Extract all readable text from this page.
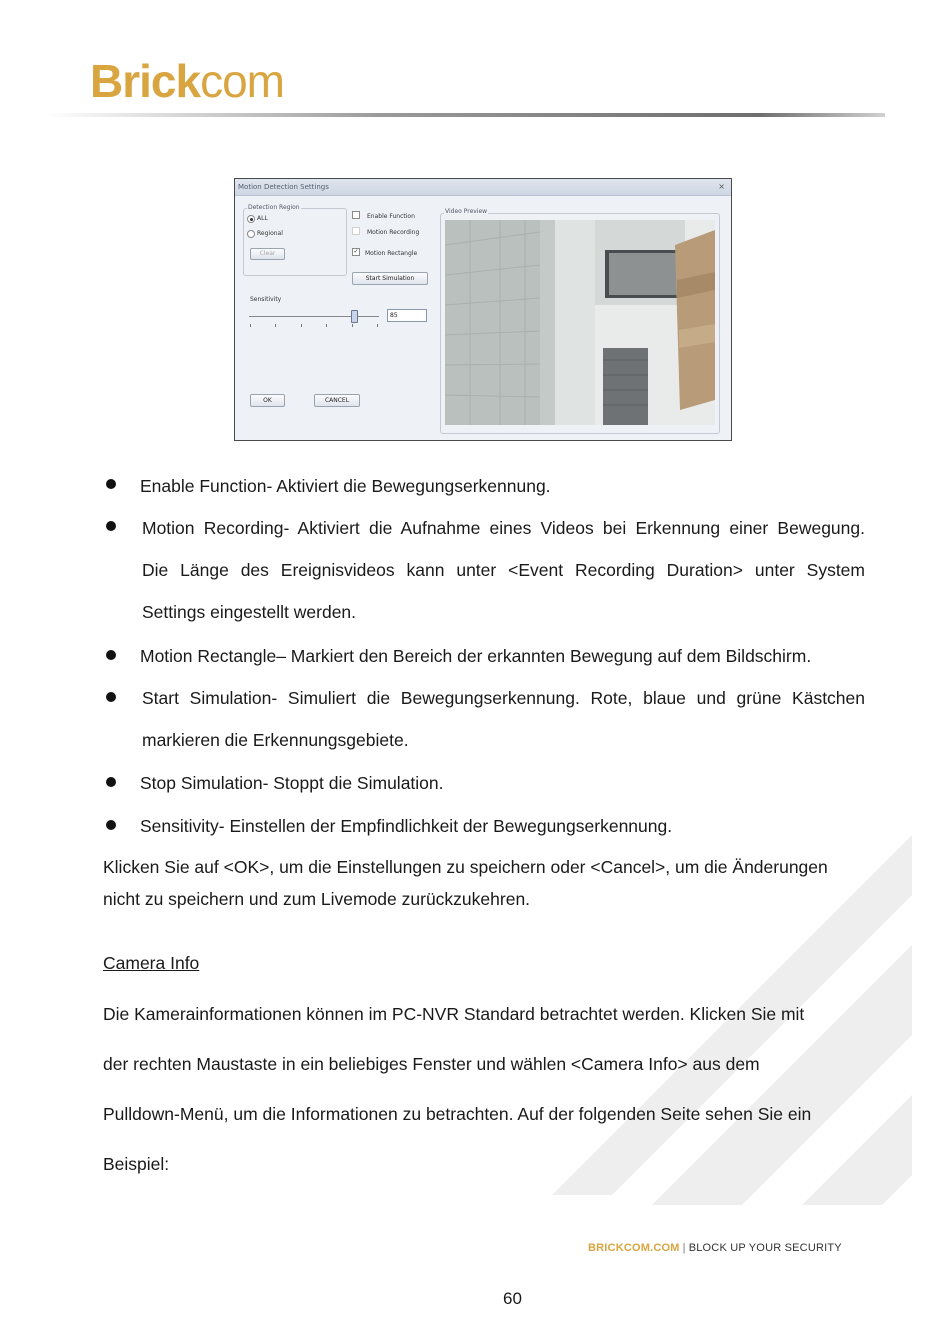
Brickcom
Motion Detection Settings	×
Detection Region
ALL
Regional
Clear
Enable Function
Motion Recording
✓ Motion Rectangle
Start Simulation
Sensitivity
85
Video Preview
OK	CANCEL
Enable Function- Aktiviert die Bewegungserkennung.
Motion Recording- Aktiviert die Aufnahme eines Videos bei Erkennung einer Bewegung.
Die Länge des Ereignisvideos kann unter <Event Recording Duration> unter System
Settings eingestellt werden.
Motion Rectangle– Markiert den Bereich der erkannten Bewegung auf dem Bildschirm.
Start Simulation- Simuliert die Bewegungserkennung. Rote, blaue und grüne Kästchen
markieren die Erkennungsgebiete.
Stop Simulation- Stoppt die Simulation.
Sensitivity- Einstellen der Empfindlichkeit der Bewegungserkennung.
Klicken Sie auf <OK>, um die Einstellungen zu speichern oder <Cancel>, um die Änderungen
nicht zu speichern und zum Livemode zurückzukehren.
Camera Info
Die Kamerainformationen können im PC-NVR Standard betrachtet werden. Klicken Sie mit
der rechten Maustaste in ein beliebiges Fenster und wählen <Camera Info> aus dem
Pulldown-Menü, um die Informationen zu betrachten. Auf der folgenden Seite sehen Sie ein
Beispiel:
BRICKCOM.COM | BLOCK UP YOUR SECURITY
60
